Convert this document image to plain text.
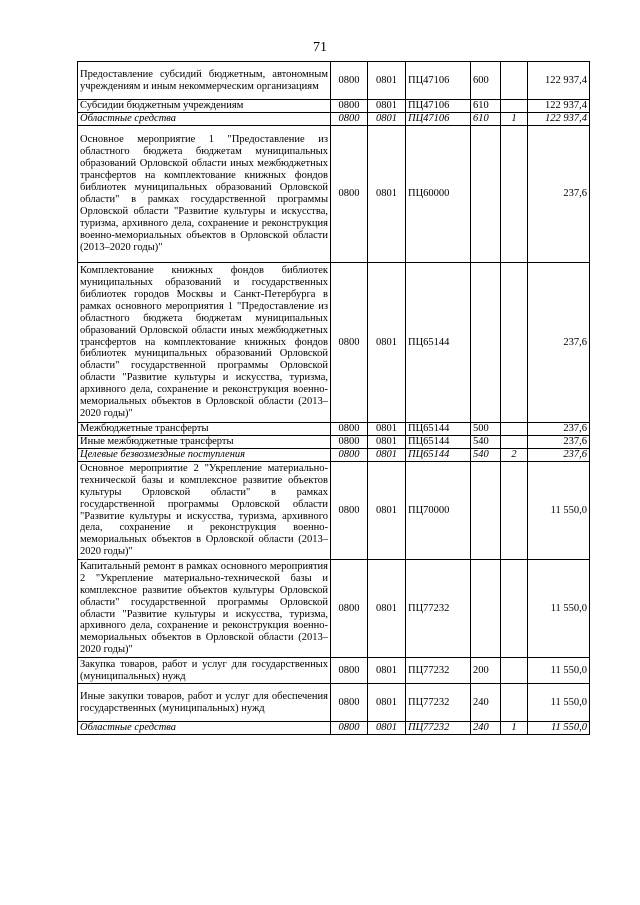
71
Предоставление субсидий бюджетным, автономным учреждениям и иным некоммерческим организациям	0800	0801	ПЦ47106	600		122 937,4
Субсидии бюджетным учреждениям	0800	0801	ПЦ47106	610		122 937,4
Областные средства	0800	0801	ПЦ47106	610	1	122 937,4
Основное мероприятие 1 "Предоставление из областного бюджета бюджетам муниципальных образований Орловской области иных межбюджетных трансфертов на комплектование книжных фондов библиотек муниципальных образований Орловской области" в рамках государственной программы Орловской области "Развитие культуры и искусства, туризма, архивного дела, сохранение и реконструкция военно-мемориальных объектов в Орловской области (2013–2020 годы)"	0800	0801	ПЦ60000			237,6
Комплектование книжных фондов библиотек муниципальных образований и государственных библиотек городов Москвы и Санкт-Петербурга в рамках основного мероприятия 1 "Предоставление из областного бюджета бюджетам муниципальных образований Орловской области иных межбюджетных трансфертов на комплектование книжных фондов библиотек муниципальных образований Орловской области" государственной программы Орловской области "Развитие культуры и искусства, туризма, архивного дела, сохранение и реконструкция военно-мемориальных объектов в Орловской области (2013–2020 годы)"	0800	0801	ПЦ65144			237,6
Межбюджетные трансферты	0800	0801	ПЦ65144	500		237,6
Иные межбюджетные трансферты	0800	0801	ПЦ65144	540		237,6
Целевые безвозмездные поступления	0800	0801	ПЦ65144	540	2	237,6
Основное мероприятие 2 "Укрепление материально-технической базы и комплексное развитие объектов культуры Орловской области" в рамках государственной программы Орловской области "Развитие культуры и искусства, туризма, архивного дела, сохранение и реконструкция военно-мемориальных объектов в Орловской области (2013–2020 годы)"	0800	0801	ПЦ70000			11 550,0
Капитальный ремонт в рамках основного мероприятия 2 "Укрепление материально-технической базы и комплексное развитие объектов культуры Орловской области" государственной программы Орловской области "Развитие культуры и искусства, туризма, архивного дела, сохранение и реконструкция военно-мемориальных объектов в Орловской области (2013–2020 годы)"	0800	0801	ПЦ77232			11 550,0
Закупка товаров, работ и услуг для государственных (муниципальных) нужд	0800	0801	ПЦ77232	200		11 550,0
Иные закупки товаров, работ и услуг для обеспечения государственных (муниципальных) нужд	0800	0801	ПЦ77232	240		11 550,0
Областные средства	0800	0801	ПЦ77232	240	1	11 550,0
